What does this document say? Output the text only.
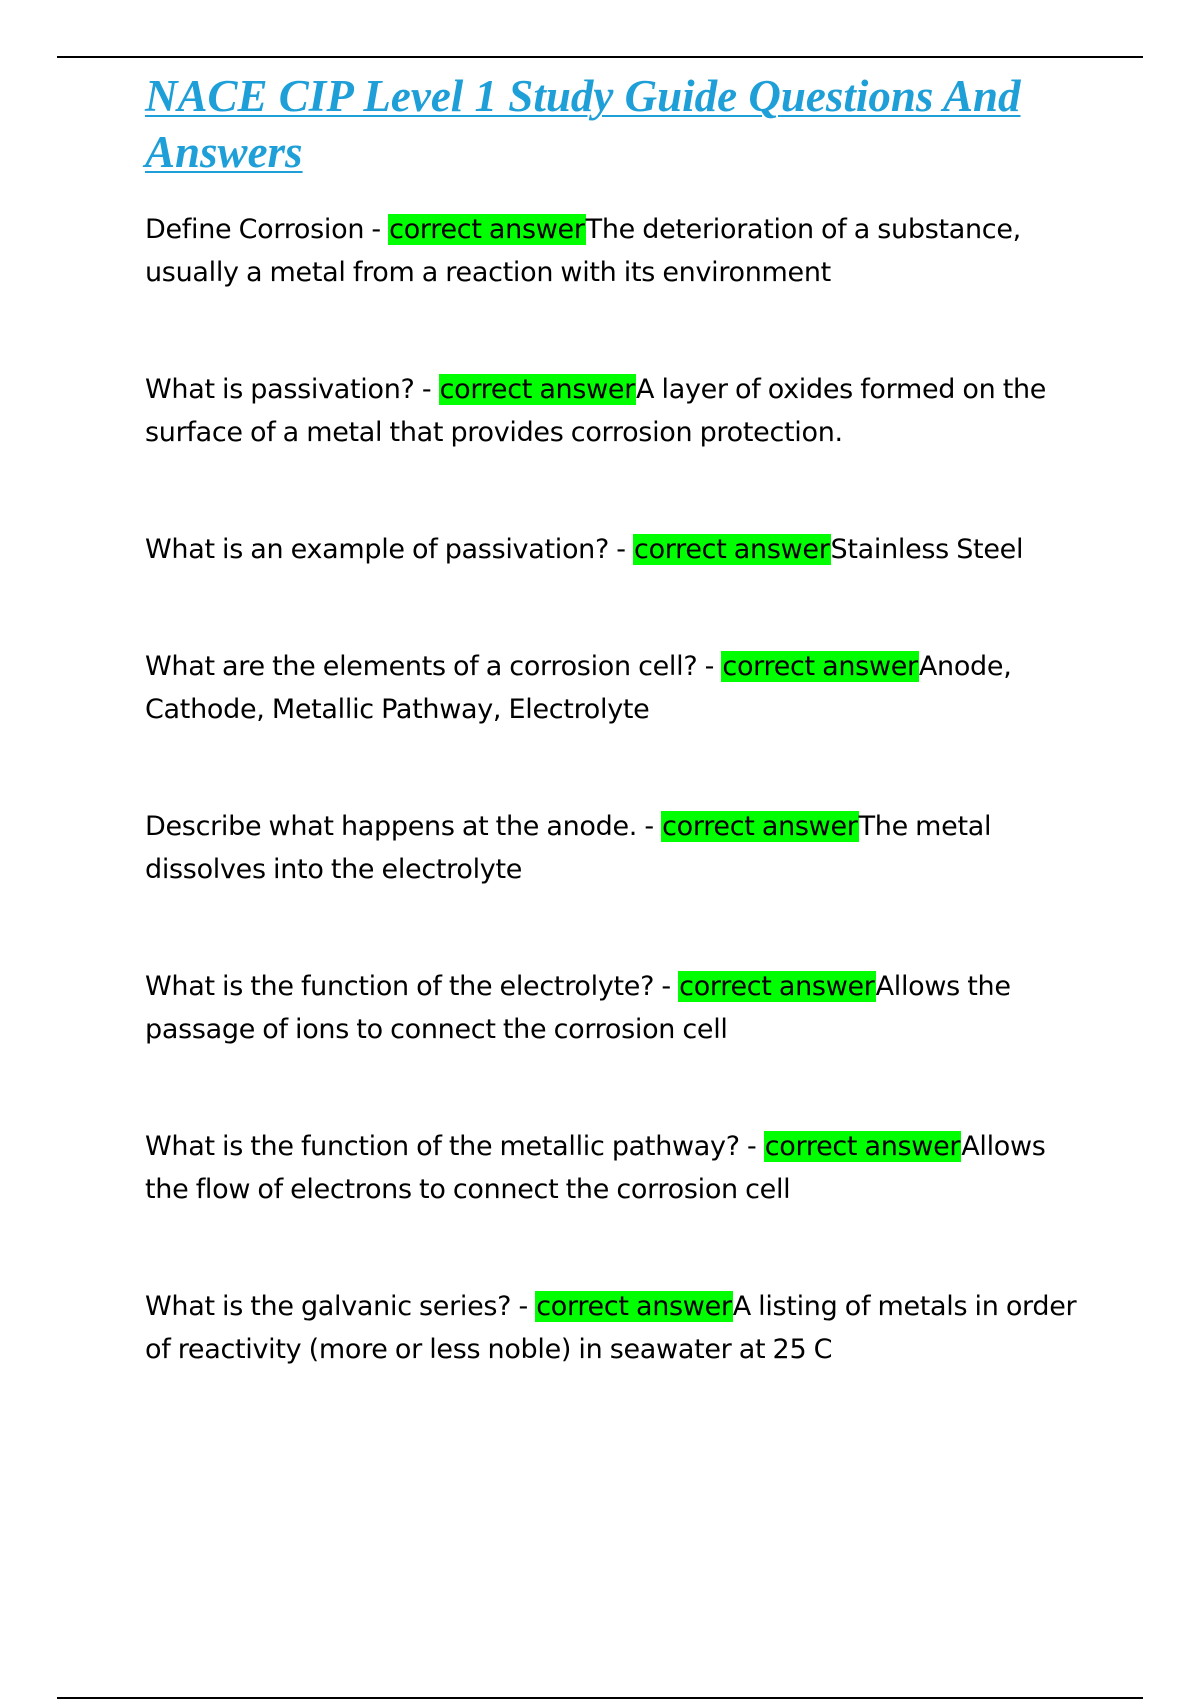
NACE CIP Level 1 Study Guide Questions And Answers

Define Corrosion - correct answerThe deterioration of a substance, usually a metal from a reaction with its environment

What is passivation? - correct answerA layer of oxides formed on the surface of a metal that provides corrosion protection.

What is an example of passivation? - correct answerStainless Steel

What are the elements of a corrosion cell? - correct answerAnode, Cathode, Metallic Pathway, Electrolyte

Describe what happens at the anode. - correct answerThe metal dissolves into the electrolyte

What is the function of the electrolyte? - correct answerAllows the passage of ions to connect the corrosion cell

What is the function of the metallic pathway? - correct answerAllows the flow of electrons to connect the corrosion cell

What is the galvanic series? - correct answerA listing of metals in order of reactivity (more or less noble) in seawater at 25 C
